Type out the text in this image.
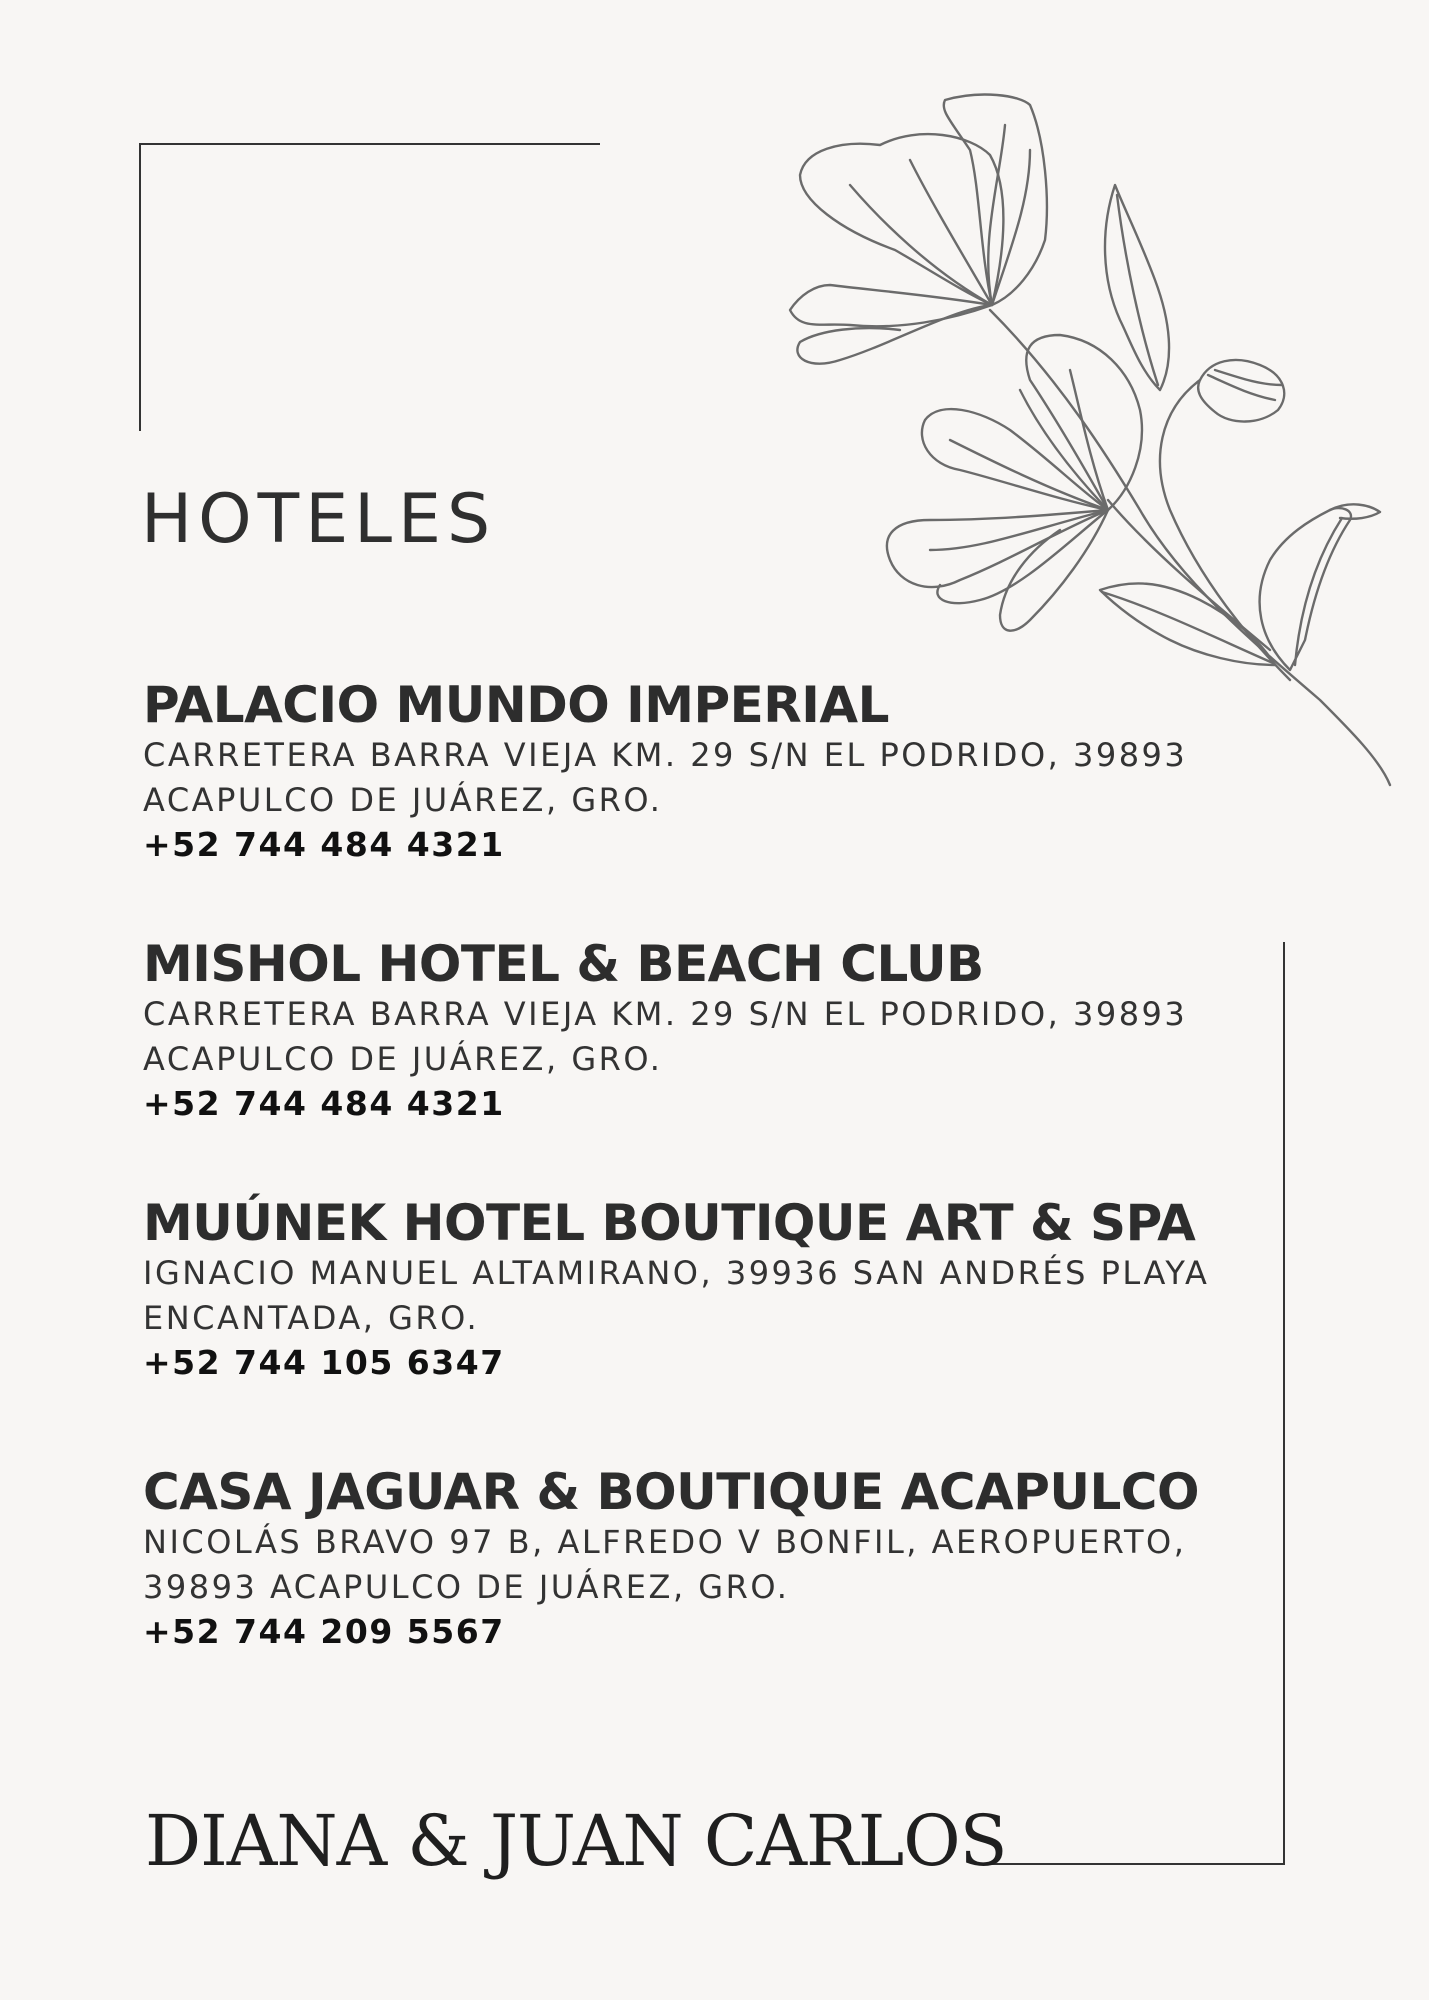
HOTELES
PALACIO MUNDO IMPERIAL
CARRETERA BARRA VIEJA KM. 29 S/N EL PODRIDO, 39893
ACAPULCO DE JUÁREZ, GRO.
+52 744 484 4321
MISHOL HOTEL & BEACH CLUB
CARRETERA BARRA VIEJA KM. 29 S/N EL PODRIDO, 39893
ACAPULCO DE JUÁREZ, GRO.
+52 744 484 4321
MUÚNEK HOTEL BOUTIQUE ART & SPA
IGNACIO MANUEL ALTAMIRANO, 39936 SAN ANDRÉS PLAYA
ENCANTADA, GRO.
+52 744 105 6347
CASA JAGUAR & BOUTIQUE ACAPULCO
NICOLÁS BRAVO 97 B, ALFREDO V BONFIL, AEROPUERTO,
39893 ACAPULCO DE JUÁREZ, GRO.
+52 744 209 5567
DIANA & JUAN CARLOS
